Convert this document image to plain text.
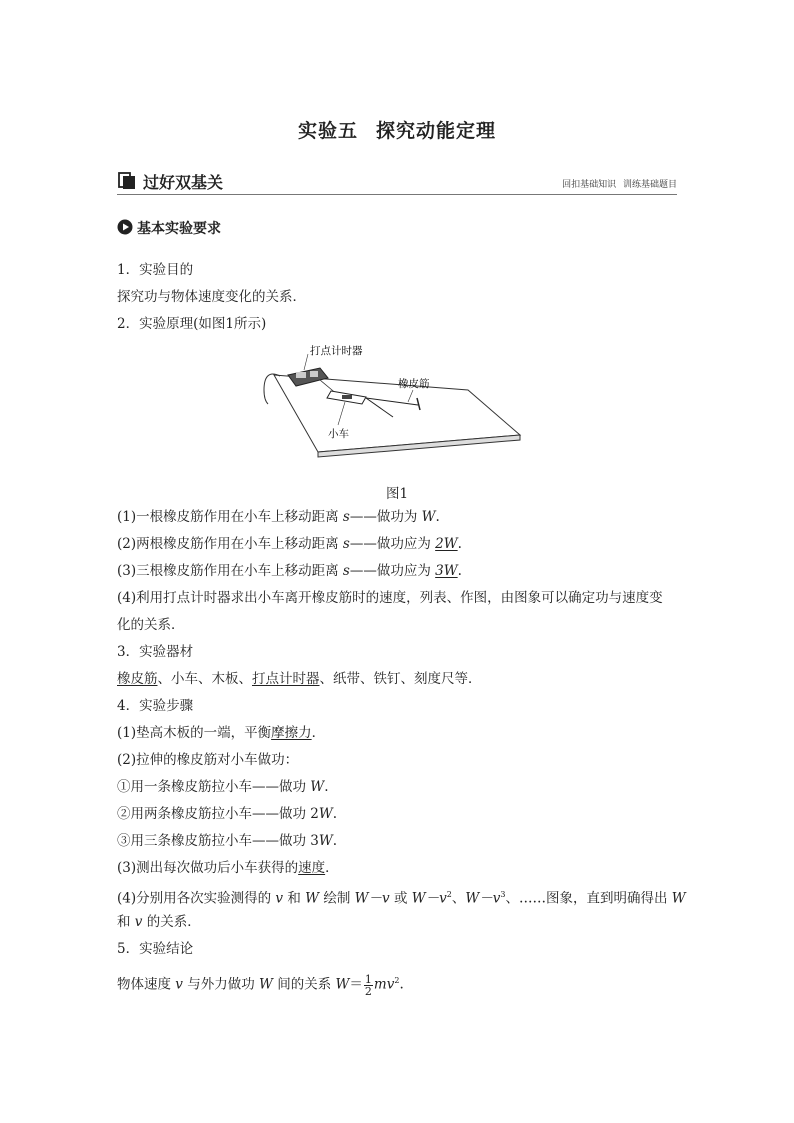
实验五 探究动能定理
过好双基关	回扣基础知识 训练基础题目
基本实验要求
1．实验目的
探究功与物体速度变化的关系．
2．实验原理(如图1所示)
打点计时器
橡皮筋
小车
图1
(1)一根橡皮筋作用在小车上移动距离 s——做功为 W.
(2)两根橡皮筋作用在小车上移动距离 s——做功应为 2W.
(3)三根橡皮筋作用在小车上移动距离 s——做功应为 3W.
(4)利用打点计时器求出小车离开橡皮筋时的速度，列表、作图，由图象可以确定功与速度变
化的关系．
3．实验器材
橡皮筋、小车、木板、打点计时器、纸带、铁钉、刻度尺等．
4．实验步骤
(1)垫高木板的一端，平衡摩擦力．
(2)拉伸的橡皮筋对小车做功：
①用一条橡皮筋拉小车——做功 W.
②用两条橡皮筋拉小车——做功 2W.
③用三条橡皮筋拉小车——做功 3W.
(3)测出每次做功后小车获得的速度．
(4)分别用各次实验测得的 v 和 W 绘制 W－v 或 $W-v^2$、$W-v^3$、……图象，直到明确得出 W
和 v 的关系．
5．实验结论
物体速度 v 与外力做功 W 间的关系 $W= \frac{1}{2} mv^2$.
